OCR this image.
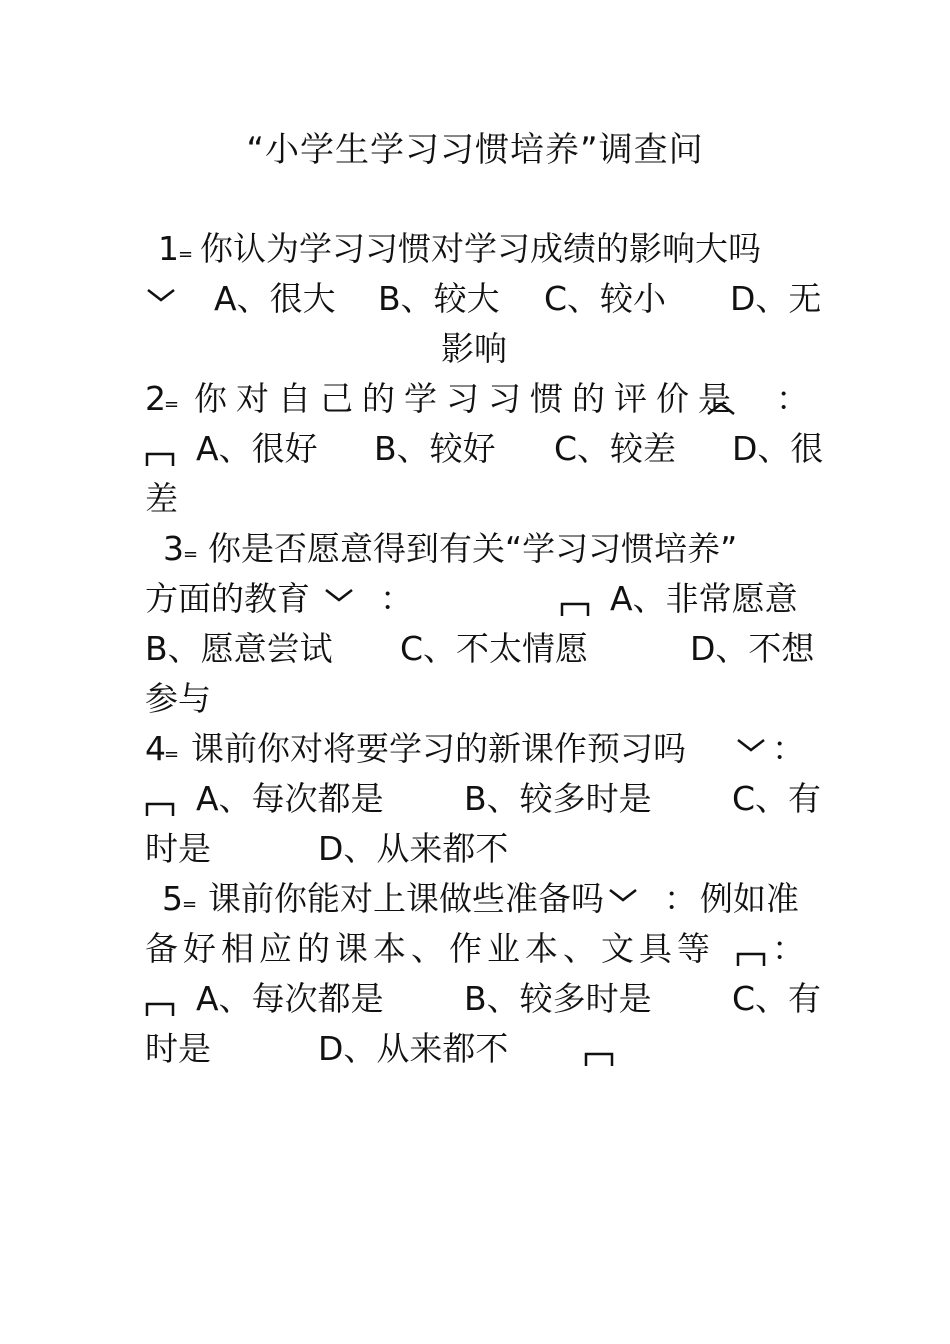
“小学生学习习惯培养”调查问

1

=

你认为学习习惯对学习成绩的影响大吗

A、很大

B、较大

C、较小

D、无

影响

2

=

你对自己的学习习惯的评价是

：

A、很好

B、较好

C、较差

D、很

差

3

=

你是否愿意得到有关“学习习惯培养”

方面的教育

：

	A、非常愿意

B、愿意尝试

C、不太情愿

	D、不想

参与

4

=

课前你对将要学习的新课作预习吗

	：

A、每次都是

B、较多时是

C、有

时是

	D、从来都不

5

=

课前你能对上课做些准备吗

：

例如准

备好相应的课本、作业本、文具等

：

A、每次都是

B、较多时是

C、有

时是

	D、从来都不
